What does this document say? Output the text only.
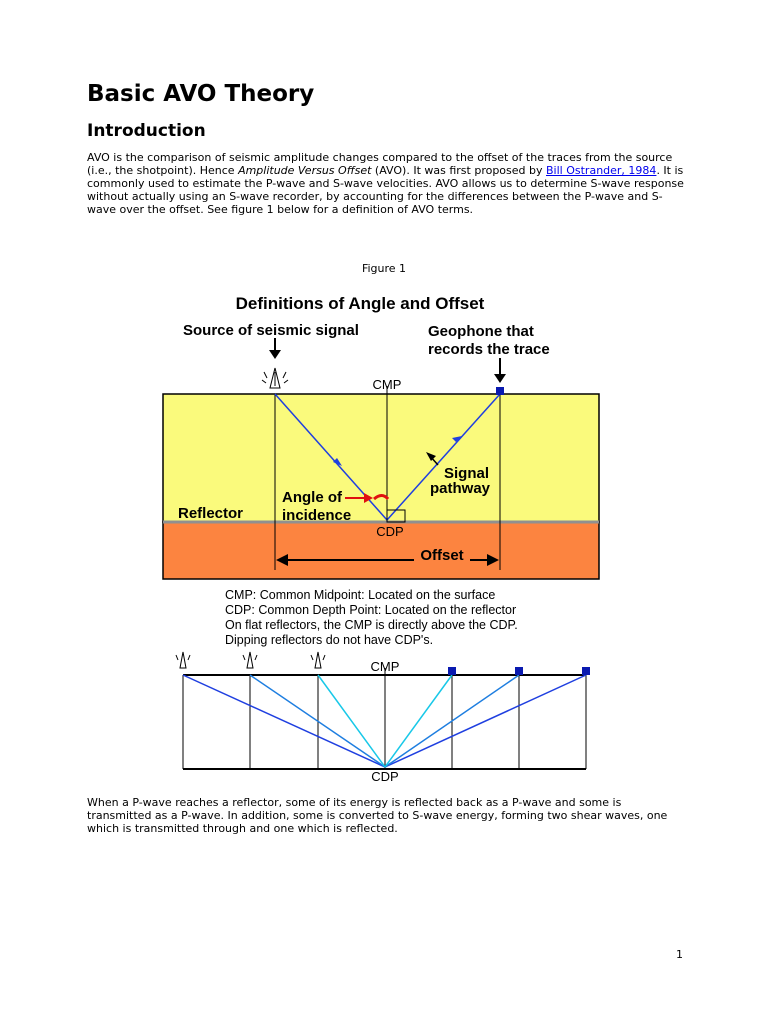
Basic AVO Theory
Introduction

AVO is the comparison of seismic amplitude changes compared to the offset of the traces from the source (i.e., the shotpoint). Hence Amplitude Versus Offset (AVO). It was first proposed by Bill Ostrander, 1984. It is commonly used to estimate the P-wave and S-wave velocities. AVO allows us to determine S-wave response without actually using an S-wave recorder, by accounting for the differences between the P-wave and S-wave over the offset. See figure 1 below for a definition of AVO terms.

Figure 1
Definitions of Angle and Offset
Source of seismic signal	Geophone that
records the trace
CMP
CDP
Angle of
incidence
Reflector
Signal
pathway
Offset
CMP: Common Midpoint: Located on the surface
CDP: Common Depth Point: Located on the reflector
On flat reflectors, the CMP is directly above the CDP.
Dipping reflectors do not have CDP's.
CMP
CDP

When a P-wave reaches a reflector, some of its energy is reflected back as a P-wave and some is transmitted as a P-wave. In addition, some is converted to S-wave energy, forming two shear waves, one which is transmitted through and one which is reflected.

1
